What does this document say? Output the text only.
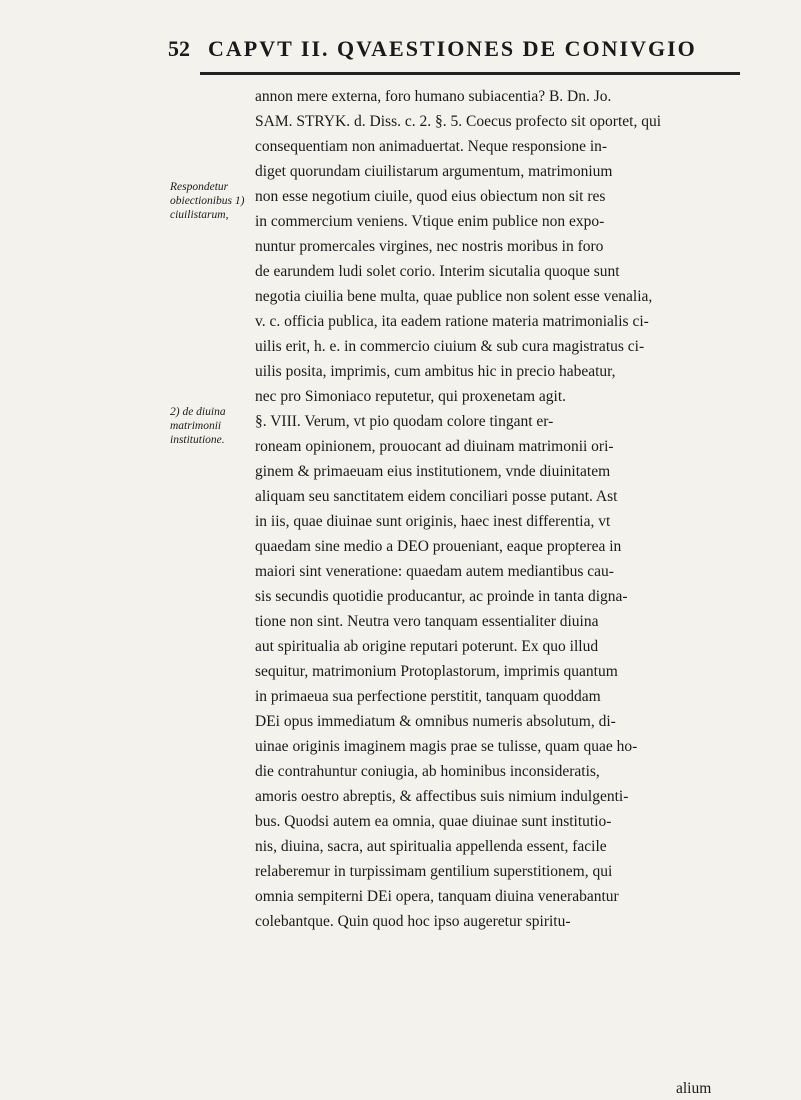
52 CAPVT II. QVAESTIONES DE CONIVGIO
Respondetur obiectionibus 1) ciuilistarum,
2) de diuina matrimonii institutione.
annon mere externa, foro humano subiacentia? B. Dn. Jo.
SAM. STRYK. d. Diss. c. 2. §. 5. Coecus profecto sit oportet, qui
consequentiam non animaduertat. Neque responsione in-
diget quorundam ciuilistarum argumentum, matrimonium
non esse negotium ciuile, quod eius obiectum non sit res
in commercium veniens. Vtique enim publice non expo-
nuntur promercales virgines, nec nostris moribus in foro
de earundem ludi solet corio. Interim sicutalia quoque sunt
negotia ciuilia bene multa, quae publice non solent esse venalia,
v. c. officia publica, ita eadem ratione materia matrimonialis ci-
uilis erit, h. e. in commercio ciuium & sub cura magistratus ci-
uilis posita, imprimis, cum ambitus hic in precio habeatur,
nec pro Simoniaco reputetur, qui proxenetam agit.
§. VIII. Verum, vt pio quodam colore tingant er-
roneam opinionem, prouocant ad diuinam matrimonii ori-
ginem & primaeuam eius institutionem, vnde diuinitatem
aliquam seu sanctitatem eidem conciliari posse putant. Ast
in iis, quae diuinae sunt originis, haec inest differentia, vt
quaedam sine medio a DEO proueniant, eaque propterea in
maiori sint veneratione: quaedam autem mediantibus cau-
sis secundis quotidie producantur, ac proinde in tanta digna-
tione non sint. Neutra vero tanquam essentialiter diuina
aut spiritualia ab origine reputari poterunt. Ex quo illud
sequitur, matrimonium Protoplastorum, imprimis quantum
in primaeua sua perfectione perstitit, tanquam quoddam
DEi opus immediatum & omnibus numeris absolutum, di-
uinae originis imaginem magis prae se tulisse, quam quae ho-
die contrahuntur coniugia, ab hominibus inconsideratis,
amoris oestro abreptis, & affectibus suis nimium indulgenti-
bus. Quodsi autem ea omnia, quae diuinae sunt institutio-
nis, diuina, sacra, aut spiritualia appellenda essent, facile
relaberemur in turpissimam gentilium superstitionem, qui
omnia sempiterni DEi opera, tanquam diuina venerabantur
colebantque. Quin quod hoc ipso augeretur spiritu-
alium
